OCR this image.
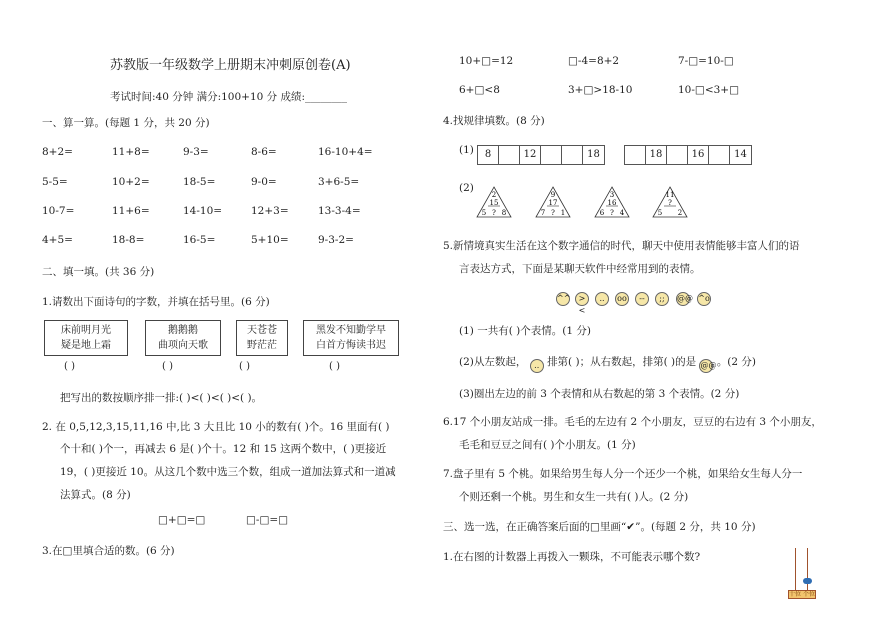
苏教版一年级数学上册期末冲刺原创卷(A)
考试时间:40 分钟 满分:100+10 分 成绩:________
一、算一算。(每题 1 分，共 20 分)
8+2=	11+8=	9-3=	8-6=	16-10+4=
5-5=	10+2=	18-5=	9-0=	3+6-5=
10-7=	11+6=	14-10=	12+3=	13-3-4=
4+5=	18-8=	16-5=	5+10=	9-3-2=
二、填一填。(共 36 分)
1.请数出下面诗句的字数，并填在括号里。(6 分)
床前明月光
疑是地上霜
鹅鹅鹅
曲项向天歌
天苍苍
野茫茫
黑发不知勤学早
白首方悔读书迟
( )	( )	( )	( )
把写出的数按顺序排一排:( )<( )<( )<( )。
2. 在 0,5,12,3,15,11,16 中,比 3 大且比 10 小的数有( )个。16 里面有( )
个十和( )个一，再减去 6 是( )个十。12 和 15 这两个数中，( )更接近
19，( )更接近 10。从这几个数中选三个数，组成一道加法算式和一道减
法算式。(8 分)
□+□=□	□-□=□
3.在□里填合适的数。(6 分)
10+□=12	□-4=8+2	7-□=10-□
6+□<8	3+□>18-10	10-□<3+□
4.找规律填数。(8 分)
(1)	8	12	18	18	16	14
(2)
2
15
5 ? 8
9
17
7 ? 1
3
16
6 ? 4
11
?
5 2
5.新情境真实生活在这个数字通信的时代，聊天中使用表情能够丰富人们的语
言表达方式，下面是某聊天软件中经常用到的表情。
^^	><
..	oo	--	;;	@@ ^o
(1) 一共有( )个表情。(1 分)
(2)从左数起， .. 排第( )；从右数起，排第( )的是 @@ 。(2 分)
(3)圈出左边的前 3 个表情和从右数起的第 3 个表情。(2 分)
6.17 个小朋友站成一排。毛毛的左边有 2 个小朋友，豆豆的右边有 3 个小朋友，
毛毛和豆豆之间有( )个小朋友。(1 分)
7.盘子里有 5 个桃。如果给男生每人分一个还少一个桃，如果给女生每人分一
个则还剩一个桃。男生和女生一共有( )人。(2 分)
三、选一选，在正确答案后面的□里画“✔”。(每题 2 分，共 10 分)
1.在右图的计数器上再拨入一颗珠，不可能表示哪个数?
十位 个位
